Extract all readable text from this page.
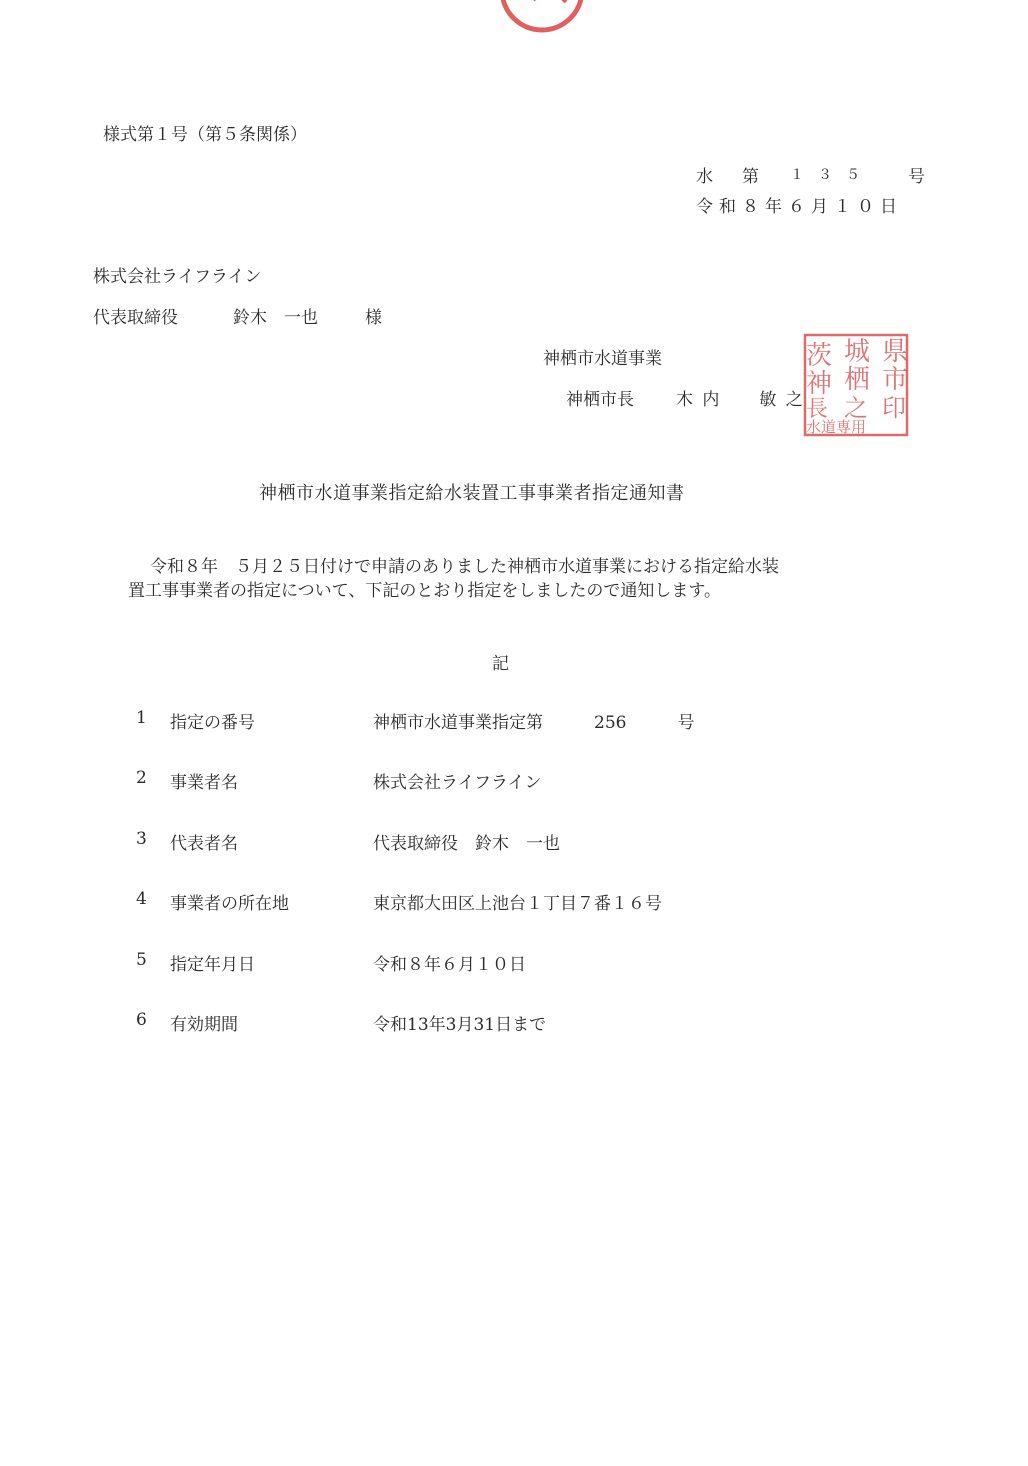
様式第１号（第５条関係）
水 第 １３５ 号
令和８年６月１０日
株式会社ライフライン
代表取締役	鈴木　一也	様
神栖市水道事業
神栖市長 木 内　　敏 之
県
市
印
城
栖
之
茨
神
長
水道専用
神栖市水道事業指定給水装置工事事業者指定通知書
令和８年　５月２５日付けで申請のありました神栖市水道事業における指定給水装
置工事事業者の指定について、下記のとおり指定をしましたので通知します。
記
1 指定の番号	神栖市水道事業指定第　　　256　　　号
2 事業者名	株式会社ライフライン
3 代表者名	代表取締役　鈴木　一也
4 事業者の所在地	東京都大田区上池台１丁目７番１６号
5 指定年月日	令和８年６月１０日
6 有効期間	令和13年3月31日まで
